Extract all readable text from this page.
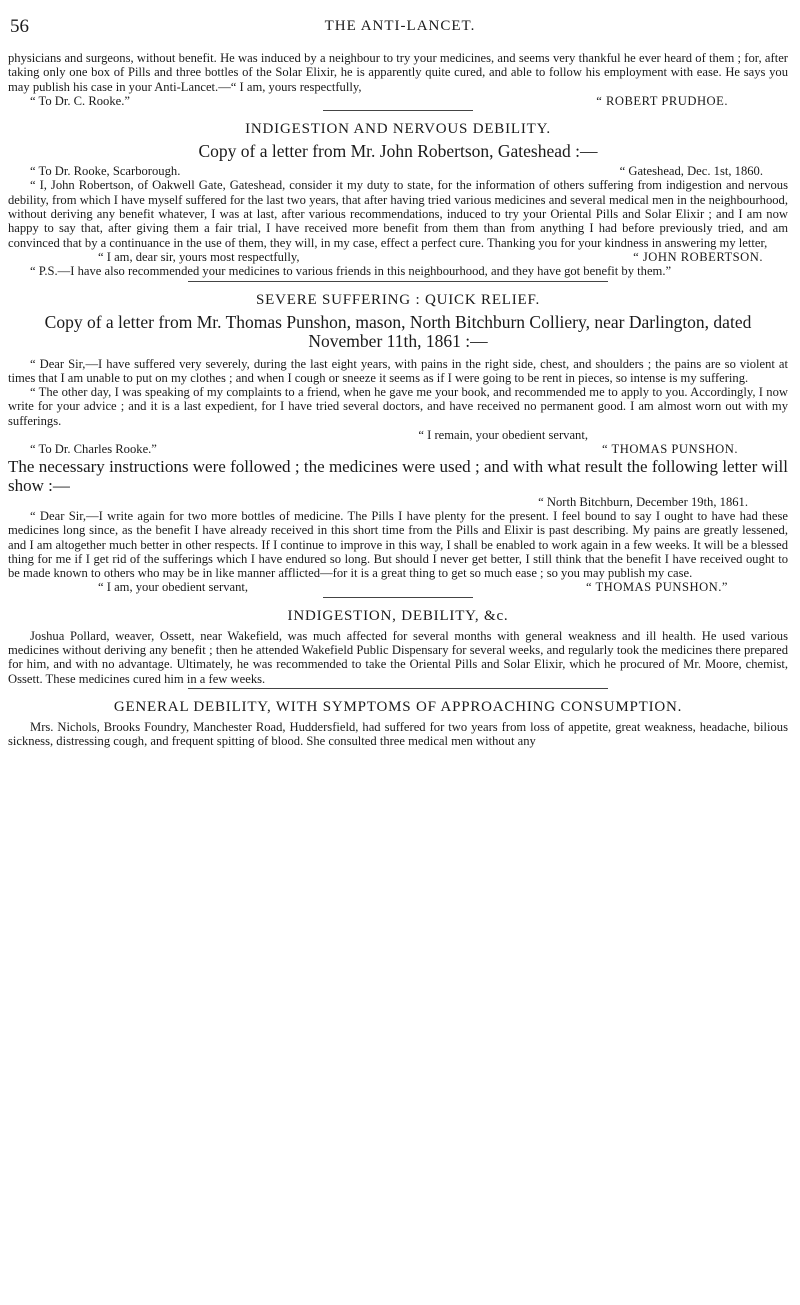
56	THE ANTI-LANCET.

physicians and surgeons, without benefit. He was induced by a neighbour to try your medicines, and seems very thankful he ever heard of them ; for, after taking only one box of Pills and three bottles of the Solar Elixir, he is apparently quite cured, and able to follow his employment with ease. He says you may publish his case in your Anti-Lancet.—“ I am, yours respectfully,

“ To Dr. C. Rooke.”	“ ROBERT PRUDHOE.
INDIGESTION AND NERVOUS DEBILITY.
Copy of a letter from Mr. John Robertson, Gateshead :—
“ To Dr. Rooke, Scarborough.	“ Gateshead, Dec. 1st, 1860.

“ I, John Robertson, of Oakwell Gate, Gateshead, consider it my duty to state, for the information of others suffering from indigestion and nervous debility, from which I have myself suffered for the last two years, that after having tried various medicines and several medical men in the neighbourhood, without deriving any benefit whatever, I was at last, after various recommendations, induced to try your Oriental Pills and Solar Elixir ; and I am now happy to say that, after giving them a fair trial, I have received more benefit from them than from anything I had before previously tried, and am convinced that by a continuance in the use of them, they will, in my case, effect a perfect cure. Thanking you for your kindness in answering my letter,

“ I am, dear sir, yours most respectfully,	“ JOHN ROBERTSON.

“ P.S.—I have also recommended your medicines to various friends in this neighbourhood, and they have got benefit by them.”

SEVERE SUFFERING : QUICK RELIEF.
Copy of a letter from Mr. Thomas Punshon, mason, North Bitchburn Colliery, near Darlington, dated November 11th, 1861 :—

“ Dear Sir,—I have suffered very severely, during the last eight years, with pains in the right side, chest, and shoulders ; the pains are so violent at times that I am unable to put on my clothes ; and when I cough or sneeze it seems as if I were going to be rent in pieces, so intense is my suffering.

“ The other day, I was speaking of my complaints to a friend, when he gave me your book, and recommended me to apply to you. Accordingly, I now write for your advice ; and it is a last expedient, for I have tried several doctors, and have received no permanent good. I am almost worn out with my sufferings.

“ I remain, your obedient servant,
“ To Dr. Charles Rooke.”	“ THOMAS PUNSHON.

The necessary instructions were followed ; the medicines were used ; and with what result the following letter will show :—

“ North Bitchburn, December 19th, 1861.

“ Dear Sir,—I write again for two more bottles of medicine. The Pills I have plenty for the present. I feel bound to say I ought to have had these medicines long since, as the benefit I have already received in this short time from the Pills and Elixir is past describing. My pains are greatly lessened, and I am altogether much better in other respects. If I continue to improve in this way, I shall be enabled to work again in a few weeks. It will be a blessed thing for me if I get rid of the sufferings which I have endured so long. But should I never get better, I still think that the benefit I have received ought to be made known to others who may be in like manner afflicted—for it is a great thing to get so much ease ; so you may publish my case.

“ I am, your obedient servant,	“ THOMAS PUNSHON.”
INDIGESTION, DEBILITY, &c.

Joshua Pollard, weaver, Ossett, near Wakefield, was much affected for several months with general weakness and ill health. He used various medicines without deriving any benefit ; then he attended Wakefield Public Dispensary for several weeks, and regularly took the medicines there prepared for him, and with no advantage. Ultimately, he was recommended to take the Oriental Pills and Solar Elixir, which he procured of Mr. Moore, chemist, Ossett. These medicines cured him in a few weeks.

GENERAL DEBILITY, WITH SYMPTOMS OF APPROACHING CONSUMPTION.

Mrs. Nichols, Brooks Foundry, Manchester Road, Huddersfield, had suffered for two years from loss of appetite, great weakness, headache, bilious sickness, distressing cough, and frequent spitting of blood. She consulted three medical men without any
